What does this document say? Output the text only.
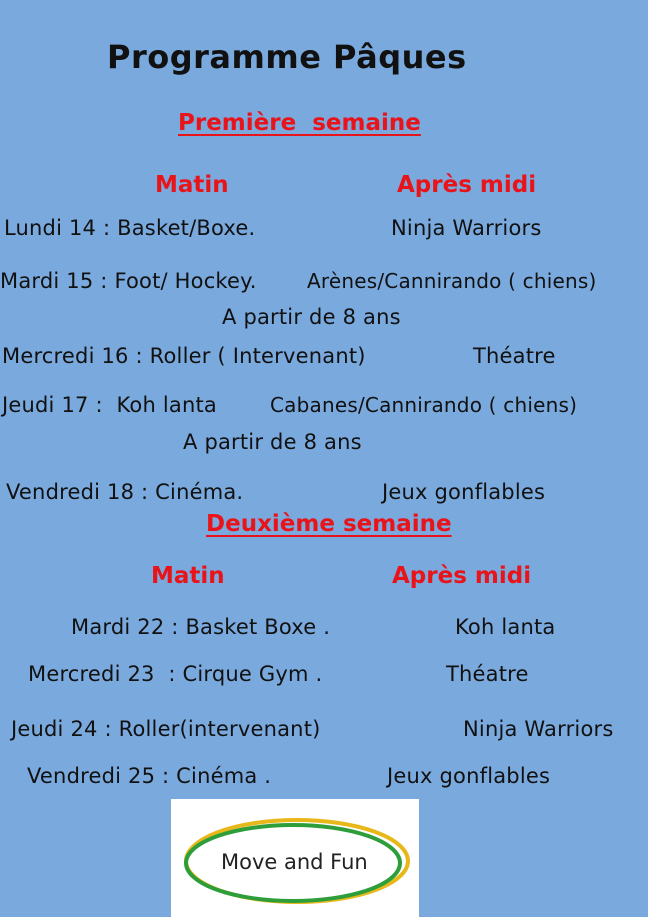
Programme Pâques
Première  semaine
Matin	Après midi
Lundi 14 : Basket/Boxe.	Ninja Warriors
Mardi 15 : Foot/ Hockey.	Arènes/Cannirando ( chiens)
A partir de 8 ans
Mercredi 16 : Roller ( Intervenant)	Théatre
Jeudi 17 :  Koh lanta	Cabanes/Cannirando ( chiens)
A partir de 8 ans
Vendredi 18 : Cinéma.	Jeux gonflables
Deuxième semaine
Matin	Après midi
Mardi 22 : Basket Boxe .	Koh lanta
Mercredi 23  : Cirque Gym .	Théatre
Jeudi 24 : Roller(intervenant)	Ninja Warriors
Vendredi 25 : Cinéma .	Jeux gonflables
Move and Fun
